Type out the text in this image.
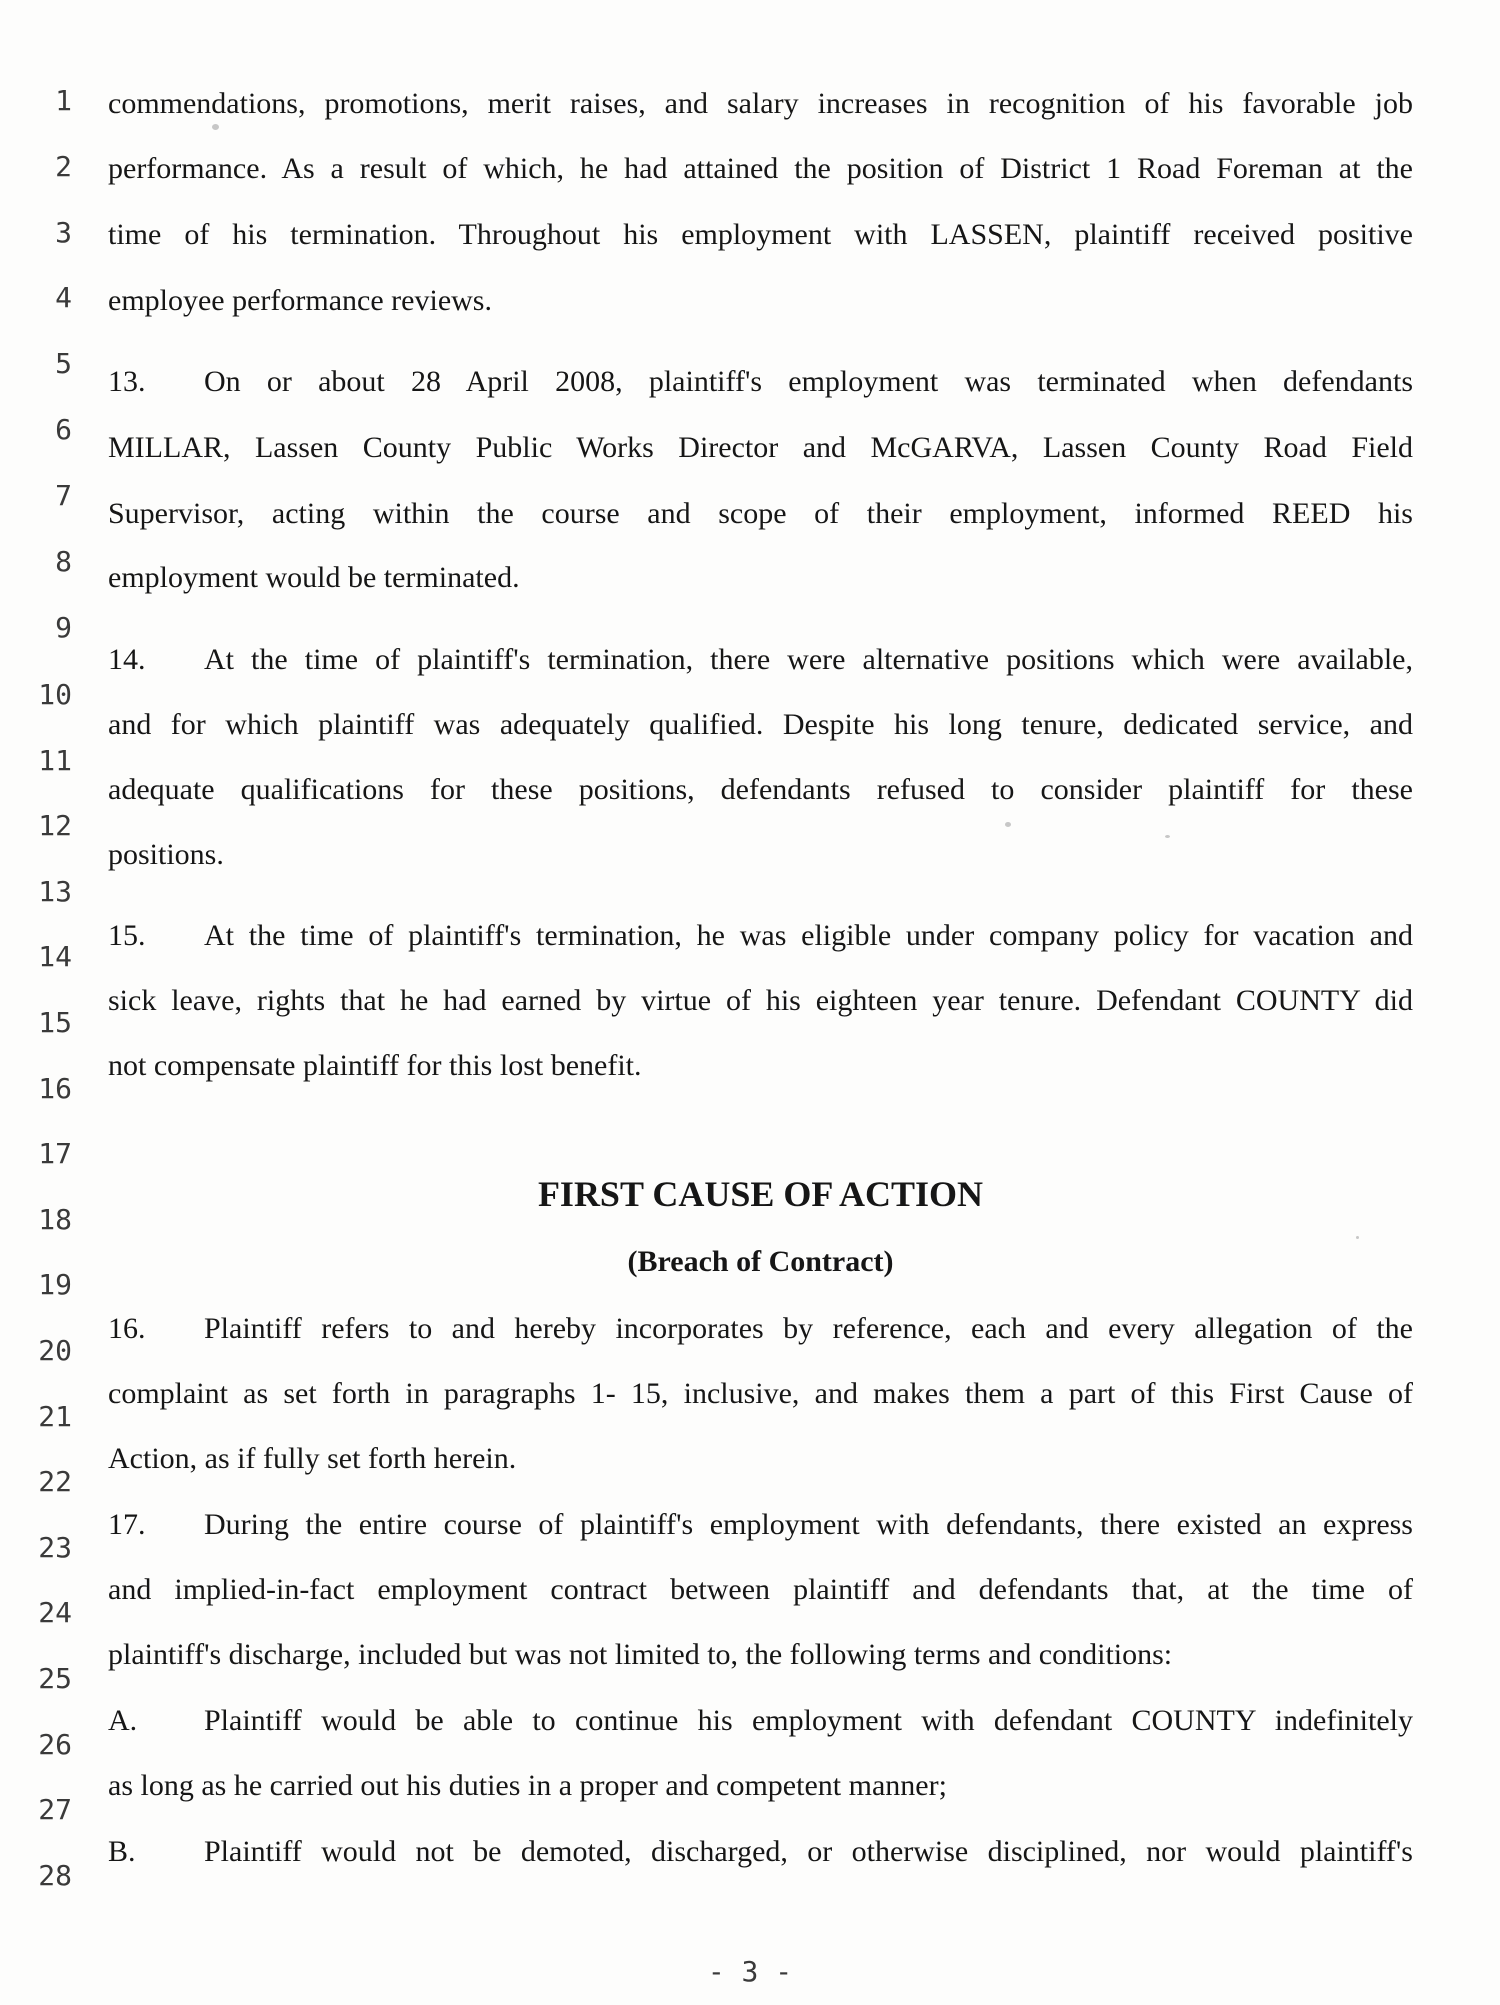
1
2
3
4
5
6
7
8
9
10
11
12
13
14
15
16
17
18
19
20
21
22
23
24
25
26
27
28
commendations, promotions, merit raises, and salary increases in recognition of his favorable job
performance. As a result of which, he had attained the position of District 1 Road Foreman at the
time of his termination. Throughout his employment with LASSEN, plaintiff received positive
employee performance reviews.
13. On or about 28 April 2008, plaintiff's employment was terminated when defendants
MILLAR, Lassen County Public Works Director and McGARVA, Lassen County Road Field
Supervisor, acting within the course and scope of their employment, informed REED his
employment would be terminated.
14. At the time of plaintiff's termination, there were alternative positions which were available,
and for which plaintiff was adequately qualified. Despite his long tenure, dedicated service, and
adequate qualifications for these positions, defendants refused to consider plaintiff for these
positions.
15. At the time of plaintiff's termination, he was eligible under company policy for vacation and
sick leave, rights that he had earned by virtue of his eighteen year tenure. Defendant COUNTY did
not compensate plaintiff for this lost benefit.
FIRST CAUSE OF ACTION
(Breach of Contract)
16. Plaintiff refers to and hereby incorporates by reference, each and every allegation of the
complaint as set forth in paragraphs 1- 15, inclusive, and makes them a part of this First Cause of
Action, as if fully set forth herein.
17. During the entire course of plaintiff's employment with defendants, there existed an express
and implied-in-fact employment contract between plaintiff and defendants that, at the time of
plaintiff's discharge, included but was not limited to, the following terms and conditions:
A. Plaintiff would be able to continue his employment with defendant COUNTY indefinitely
as long as he carried out his duties in a proper and competent manner;
B. Plaintiff would not be demoted, discharged, or otherwise disciplined, nor would plaintiff's
- 3 -
